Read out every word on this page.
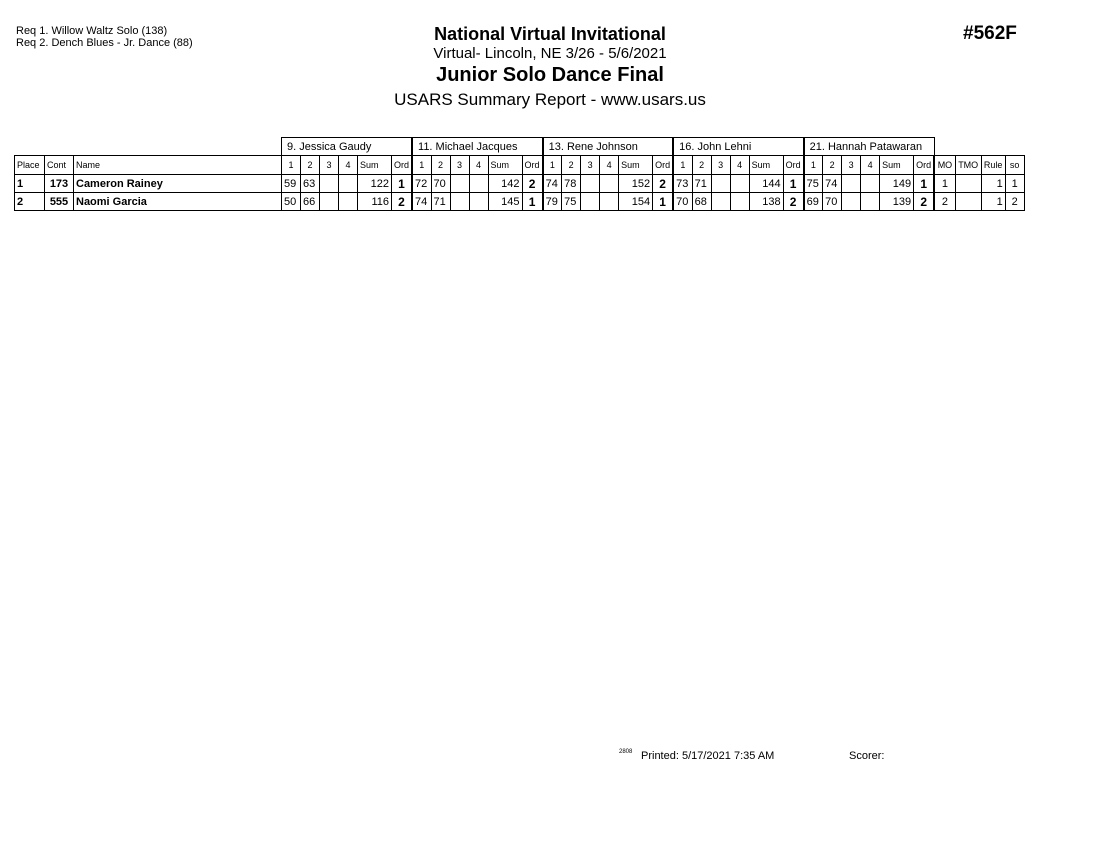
Req 1. Willow Waltz Solo (138)
Req 2. Dench Blues - Jr. Dance (88)	National Virtual Invitational
Virtual- Lincoln, NE 3/26 - 5/6/2021
Junior Solo Dance Final
USARS Summary Report - www.usars.us
#562F
			9. Jessica Gaudy						11. Michael Jacques						13. Rene Johnson						16. John Lehni						21. Hannah Patawaran									
Place	Cont	Name	1	2	3	4	Sum	Ord	1	2	3	4	Sum	Ord	1	2	3	4	Sum	Ord	1	2	3	4	Sum	Ord	1	2	3	4	Sum	Ord	MO	TMO	Rule	so
1	173	Cameron Rainey	59	63			122	1	72	70			142	2	74	78			152	2	73	71			144	1	75	74			149	1	1		1	1
2	555	Naomi Garcia	50	66			116	2	74	71			145	1	79	75			154	1	70	68			138	2	69	70			139	2	2		1	2
2808 Printed: 5/17/2021 7:35 AM	Scorer:
